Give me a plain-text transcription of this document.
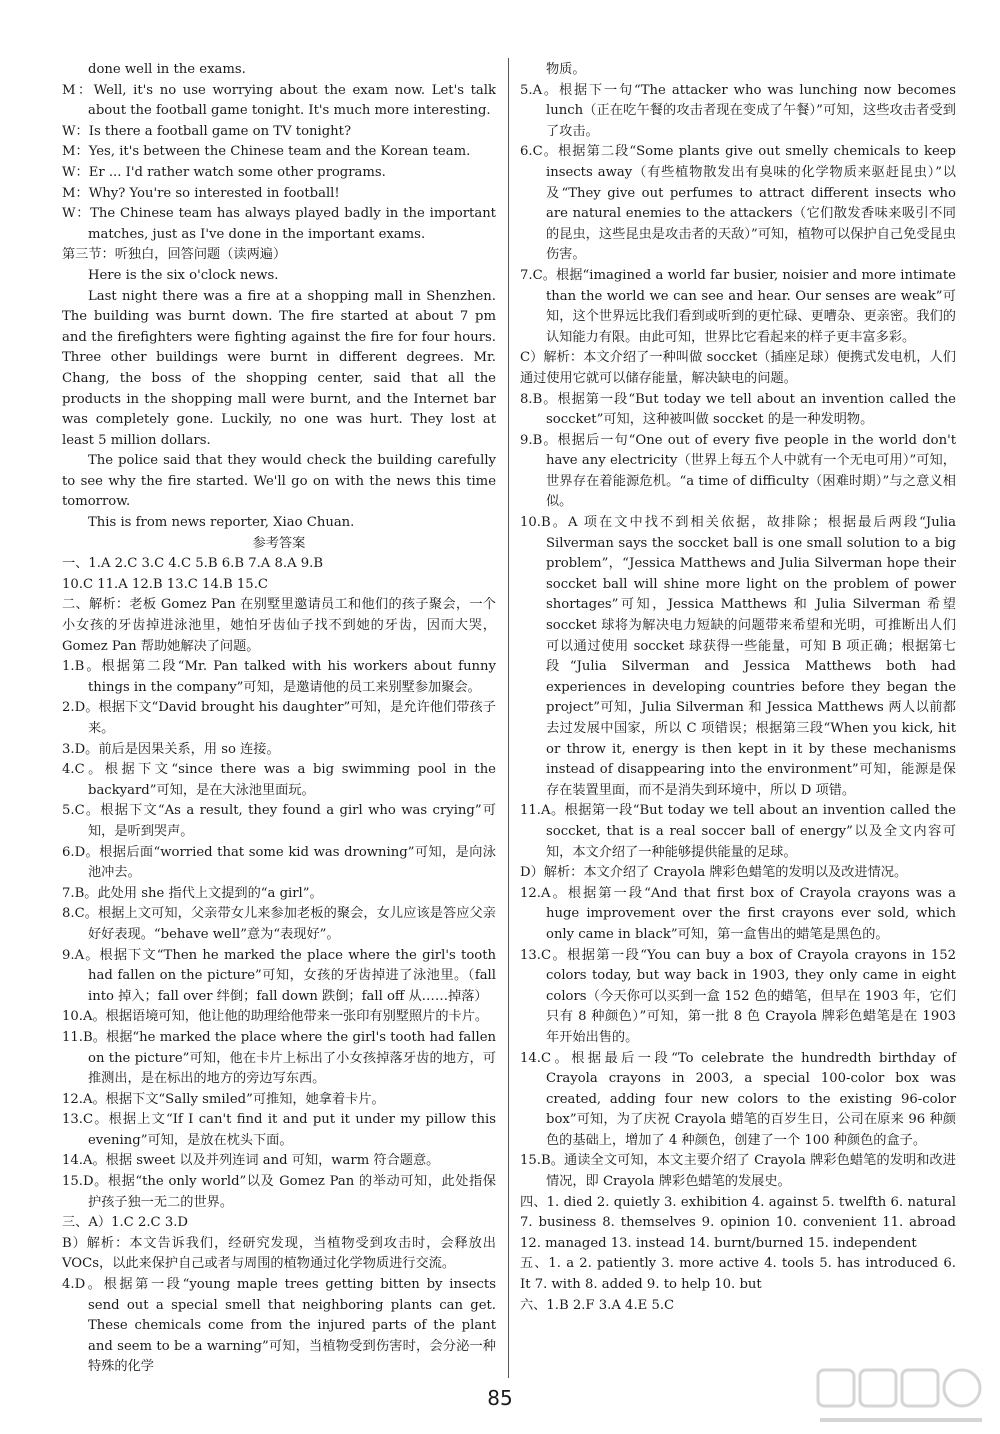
done well in the exams.

M：Well, it's no use worrying about the exam now. Let's talk about the football game tonight. It's much more interesting.

W：Is there a football game on TV tonight?

M：Yes, it's between the Chinese team and the Korean team.

W：Er ... I'd rather watch some other programs.

M：Why? You're so interested in football!

W：The Chinese team has always played badly in the important matches, just as I've done in the important exams.

第三节：听独白，回答问题（读两遍）

Here is the six o'clock news.

Last night there was a fire at a shopping mall in Shenzhen. The building was burnt down. The fire started at about 7 pm and the firefighters were fighting against the fire for four hours. Three other buildings were burnt in different degrees. Mr. Chang, the boss of the shopping center, said that all the products in the shopping mall were burnt, and the Internet bar was completely gone. Luckily, no one was hurt. They lost at least 5 million dollars.

The police said that they would check the building carefully to see why the fire started. We'll go on with the news this time tomorrow.

This is from news reporter, Xiao Chuan.

参考答案

一、1.A 2.C 3.C 4.C 5.B 6.B 7.A 8.A 9.B

10.C 11.A 12.B 13.C 14.B 15.C

二、解析：老板 Gomez Pan 在别墅里邀请员工和他们的孩子聚会，一个小女孩的牙齿掉进泳池里，她怕牙齿仙子找不到她的牙齿，因而大哭，Gomez Pan 帮助她解决了问题。

1.B。根据第二段“Mr. Pan talked with his workers about funny things in the company”可知，是邀请他的员工来别墅参加聚会。

2.D。根据下文“David brought his daughter”可知，是允许他们带孩子来。

3.D。前后是因果关系，用 so 连接。

4.C。根据下文“since there was a big swimming pool in the backyard”可知，是在大泳池里面玩。

5.C。根据下文“As a result, they found a girl who was crying”可知，是听到哭声。

6.D。根据后面“worried that some kid was drowning”可知，是向泳池冲去。

7.B。此处用 she 指代上文提到的“a girl”。

8.C。根据上文可知，父亲带女儿来参加老板的聚会，女儿应该是答应父亲好好表现。“behave well”意为“表现好”。

9.A。根据下文“Then he marked the place where the girl's tooth had fallen on the picture”可知，女孩的牙齿掉进了泳池里。（fall into 掉入；fall over 绊倒；fall down 跌倒；fall off 从……掉落）

10.A。根据语境可知，他让他的助理给他带来一张印有别墅照片的卡片。

11.B。根据“he marked the place where the girl's tooth had fallen on the picture”可知，他在卡片上标出了小女孩掉落牙齿的地方，可推测出，是在标出的地方的旁边写东西。

12.A。根据下文“Sally smiled”可推知，她拿着卡片。

13.C。根据上文“If I can't find it and put it under my pillow this evening”可知，是放在枕头下面。

14.A。根据 sweet 以及并列连词 and 可知，warm 符合题意。

15.D。根据“the only world”以及 Gomez Pan 的举动可知，此处指保护孩子独一无二的世界。

三、A）1.C 2.C 3.D

B）解析：本文告诉我们，经研究发现，当植物受到攻击时，会释放出 VOCs，以此来保护自己或者与周围的植物通过化学物质进行交流。

4.D。根据第一段“young maple trees getting bitten by insects send out a special smell that neighboring plants can get. These chemicals come from the injured parts of the plant and seem to be a warning”可知，当植物受到伤害时，会分泌一种特殊的化学

物质。

5.A。根据下一句“The attacker who was lunching now becomes lunch（正在吃午餐的攻击者现在变成了午餐）”可知，这些攻击者受到了攻击。

6.C。根据第二段“Some plants give out smelly chemicals to keep insects away（有些植物散发出有臭味的化学物质来驱赶昆虫）”以及“They give out perfumes to attract different insects who are natural enemies to the attackers（它们散发香味来吸引不同的昆虫，这些昆虫是攻击者的天敌）”可知，植物可以保护自己免受昆虫伤害。

7.C。根据“imagined a world far busier, noisier and more intimate than the world we can see and hear. Our senses are weak”可知，这个世界远比我们看到或听到的更忙碌、更嘈杂、更亲密。我们的认知能力有限。由此可知，世界比它看起来的样子更丰富多彩。

C）解析：本文介绍了一种叫做 soccket（插座足球）便携式发电机，人们通过使用它就可以储存能量，解决缺电的问题。

8.B。根据第一段“But today we tell about an invention called the soccket”可知，这种被叫做 soccket 的是一种发明物。

9.B。根据后一句“One out of every five people in the world don't have any electricity（世界上每五个人中就有一个无电可用）”可知，世界存在着能源危机。“a time of difficulty（困难时期）”与之意义相似。

10.B。A 项在文中找不到相关依据，故排除；根据最后两段“Julia Silverman says the soccket ball is one small solution to a big problem”，“Jessica Matthews and Julia Silverman hope their soccket ball will shine more light on the problem of power shortages”可知，Jessica Matthews 和 Julia Silverman 希望 soccket 球将为解决电力短缺的问题带来希望和光明，可推断出人们可以通过使用 soccket 球获得一些能量，可知 B 项正确；根据第七段“Julia Silverman and Jessica Matthews both had experiences in developing countries before they began the project”可知，Julia Silverman 和 Jessica Matthews 两人以前都去过发展中国家，所以 C 项错误；根据第三段“When you kick, hit or throw it, energy is then kept in it by these mechanisms instead of disappearing into the environment”可知，能源是保存在装置里面，而不是消失到环境中，所以 D 项错。

11.A。根据第一段“But today we tell about an invention called the soccket, that is a real soccer ball of energy”以及全文内容可知，本文介绍了一种能够提供能量的足球。

D）解析：本文介绍了 Crayola 牌彩色蜡笔的发明以及改进情况。

12.A。根据第一段“And that first box of Crayola crayons was a huge improvement over the first crayons ever sold, which only came in black”可知，第一盒售出的蜡笔是黑色的。

13.C。根据第一段“You can buy a box of Crayola crayons in 152 colors today, but way back in 1903, they only came in eight colors（今天你可以买到一盒 152 色的蜡笔，但早在 1903 年，它们只有 8 种颜色）”可知，第一批 8 色 Crayola 牌彩色蜡笔是在 1903 年开始出售的。

14.C。根据最后一段“To celebrate the hundredth birthday of Crayola crayons in 2003, a special 100-color box was created, adding four new colors to the existing 96-color box”可知，为了庆祝 Crayola 蜡笔的百岁生日，公司在原来 96 种颜色的基础上，增加了 4 种颜色，创建了一个 100 种颜色的盒子。

15.B。通读全文可知，本文主要介绍了 Crayola 牌彩色蜡笔的发明和改进情况，即 Crayola 牌彩色蜡笔的发展史。

四、1. died 2. quietly 3. exhibition 4. against 5. twelfth 6. natural 7. business 8. themselves 9. opinion 10. convenient 11. abroad 12. managed 13. instead 14. burnt/burned 15. independent

五、1. a 2. patiently 3. more active 4. tools 5. has introduced 6. It 7. with 8. added 9. to help 10. but

六、1.B 2.F 3.A 4.E 5.C

85
